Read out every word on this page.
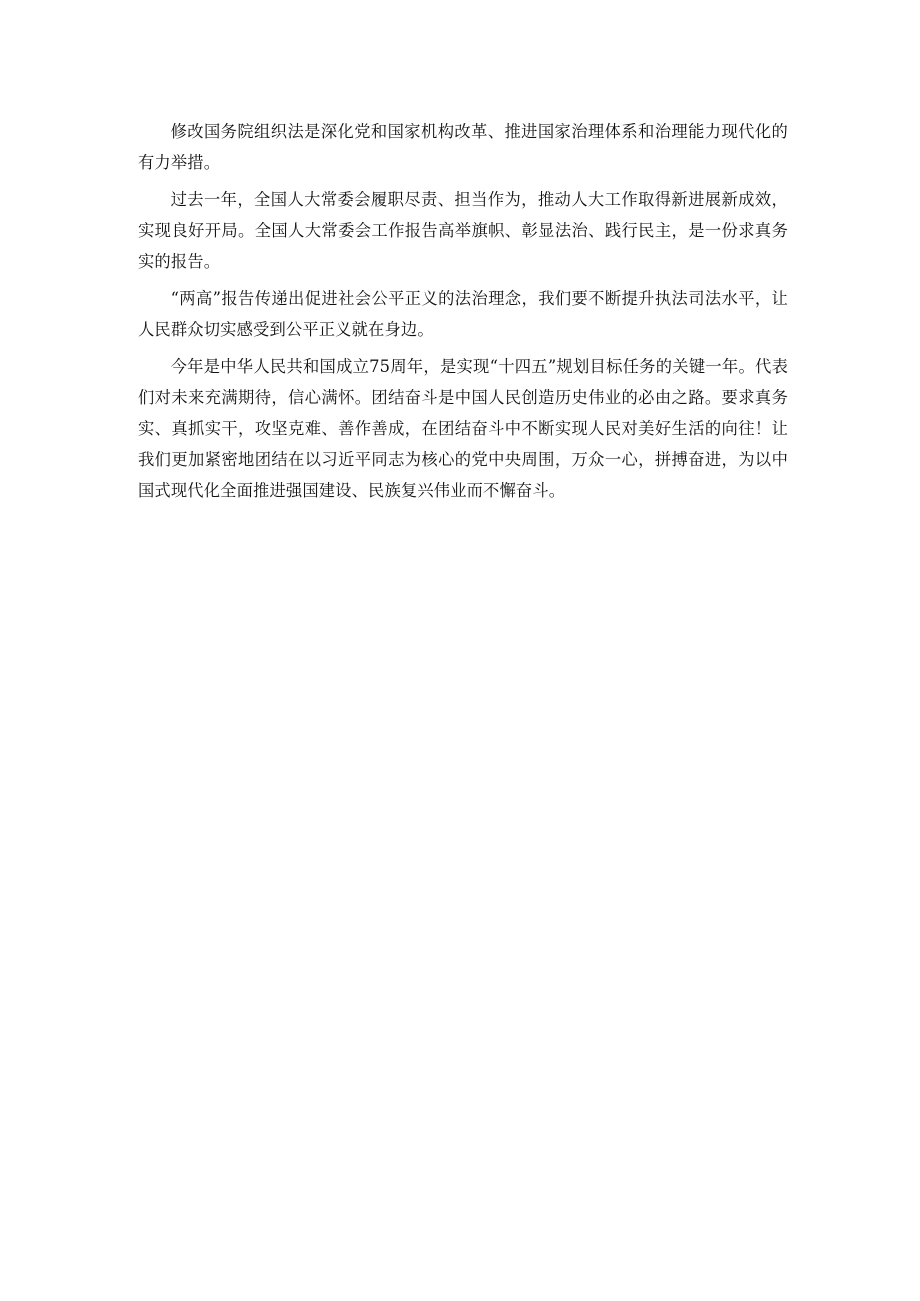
修改国务院组织法是深化党和国家机构改革、推进国家治理体系和治理能力现代化的有力举措。

过去一年，全国人大常委会履职尽责、担当作为，推动人大工作取得新进展新成效，实现良好开局。全国人大常委会工作报告高举旗帜、彰显法治、践行民主，是一份求真务实的报告。

“两高”报告传递出促进社会公平正义的法治理念，我们要不断提升执法司法水平，让人民群众切实感受到公平正义就在身边。

今年是中华人民共和国成立75周年，是实现“十四五”规划目标任务的关键一年。代表们对未来充满期待，信心满怀。团结奋斗是中国人民创造历史伟业的必由之路。要求真务实、真抓实干，攻坚克难、善作善成，在团结奋斗中不断实现人民对美好生活的向往！让我们更加紧密地团结在以习近平同志为核心的党中央周围，万众一心，拼搏奋进，为以中国式现代化全面推进强国建设、民族复兴伟业而不懈奋斗。
